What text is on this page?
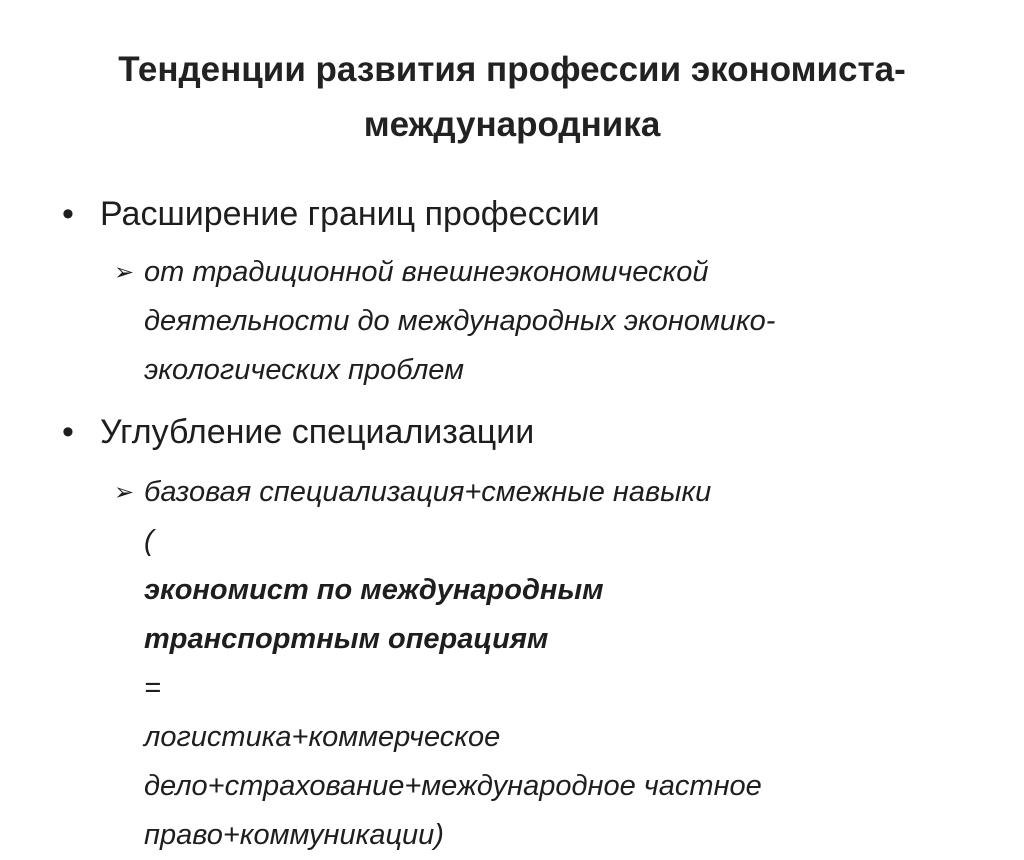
Тенденции развития профессии экономиста-
международника
• Расширение границ профессии
➢ от традиционной внешнеэкономической
деятельности до международных экономико-
экологических проблем
• Углубление специализации
➢ базовая специализация+смежные навыки
(
экономист по международным
транспортным операциям
=
логистика+коммерческое
дело+страхование+международное частное
право+коммуникации)
